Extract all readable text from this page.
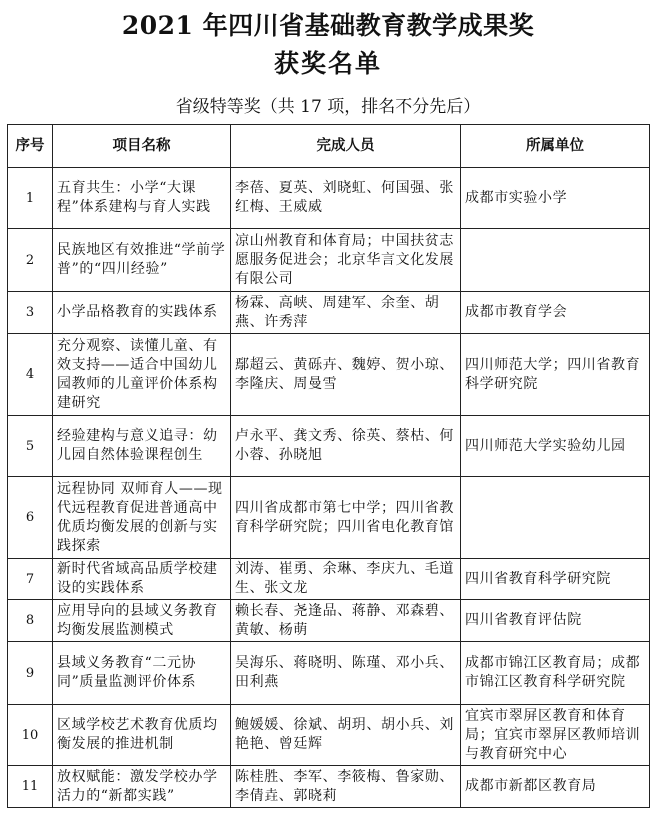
2021 年四川省基础教育教学成果奖
获奖名单
省级特等奖（共 17 项，排名不分先后）
序号	项目名称	完成人员	所属单位
1	五育共生：小学“大课程”体系建构与育人实践	李蓓、夏英、刘晓虹、何国强、张红梅、王威威	成都市实验小学
2	民族地区有效推进“学前学普”的“四川经验”	凉山州教育和体育局；中国扶贫志愿服务促进会；北京华言文化发展有限公司	
3	小学品格教育的实践体系	杨霖、高峡、周建军、余奎、胡燕、许秀萍	成都市教育学会
4	充分观察、读懂儿童、有效支持——适合中国幼儿园教师的儿童评价体系构建研究	鄢超云、黄砾卉、魏婷、贺小琼、李隆庆、周曼雪	四川师范大学；四川省教育科学研究院
5	经验建构与意义追寻：幼儿园自然体验课程创生	卢永平、龚文秀、徐英、蔡枯、何小蓉、孙晓旭	四川师范大学实验幼儿园
6	远程协同 双师育人——现代远程教育促进普通高中优质均衡发展的创新与实践探索	四川省成都市第七中学；四川省教育科学研究院；四川省电化教育馆	
7	新时代省域高品质学校建设的实践体系	刘涛、崔勇、余琳、李庆九、毛道生、张文龙	四川省教育科学研究院
8	应用导向的县域义务教育均衡发展监测模式	赖长春、尧逢品、蒋静、邓森碧、黄敏、杨萌	四川省教育评估院
9	县域义务教育“二元协同”质量监测评价体系	吴海乐、蒋晓明、陈瑾、邓小兵、田利燕	成都市锦江区教育局；成都市锦江区教育科学研究院
10	区域学校艺术教育优质均衡发展的推进机制	鲍媛媛、徐斌、胡玥、胡小兵、刘艳艳、曾廷辉	宜宾市翠屏区教育和体育局；宜宾市翠屏区教师培训与教育研究中心
11	放权赋能：激发学校办学活力的“新都实践”	陈桂胜、李军、李筱梅、鲁家勋、李倩垚、郭晓莉	成都市新都区教育局
